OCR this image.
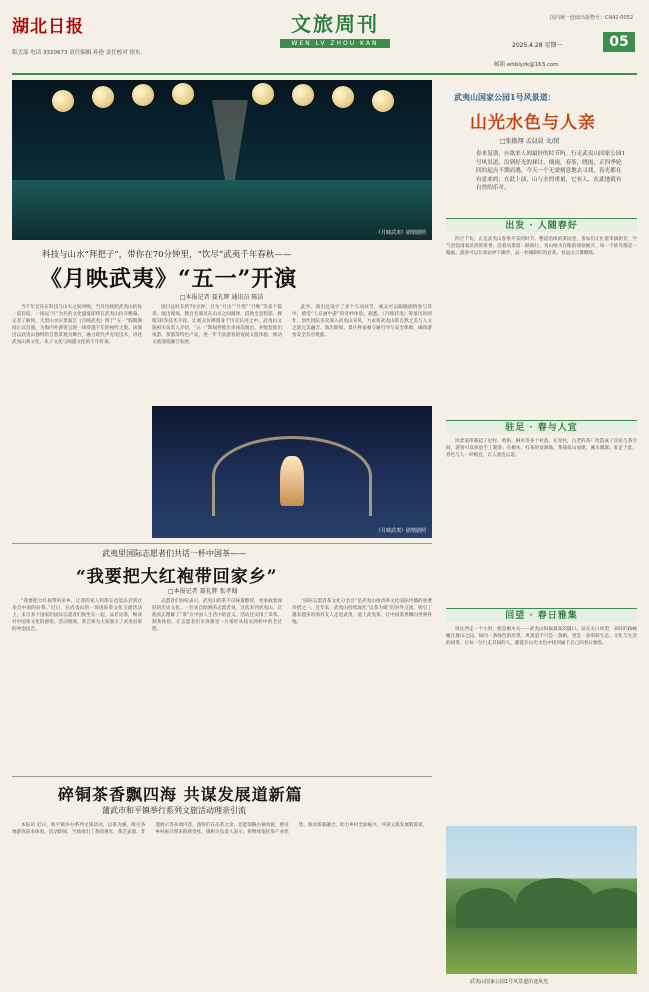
湖北日报	文旅周刊
WEN LV ZHOU KAN
国内统一连续出版物号：CN42-0052
2025.4.28 星期一	05
版式部 电话 3320673 责任编辑 孙艳 责任校对 徐东
邮箱 whblyzk@163.com
《月映武夷》剧情剧照
科技与山水“拜把子”，带你在70分钟里，“饮尽”武夷千年春秋——
《月映武夷》“五一”开演
□本报记者 聂礼辉 通讯员 陈洁

当千年音乐在科技与山水之间回响，当月色映照武夷山的每一道岩纹，一场以“月”为名的文化盛宴即将在武夷山拉开帷幕。记者了解到，大型山水实景演艺《月映武夷》将于“五一”假期期间正式首演，为海内外游客呈现一场穿越千年的视听之旅。该演出以武夷山独特的自然景观为舞台，融合现代声光电技术，讲述武夷山茶文化、朱子文化与闽越文化的千年传承。

剧目总时长约70分钟，分为“月出”“月照”“月映”等多个篇章。演出现场，数百名演员在山水之间演绎，借助全息投影、裸眼3D等技术手段，让观众仿佛置身于历史长河之中。武夷山文旅相关负责人介绍，“五一”期间将推出多场次演出，并配套推出夜游、茶旅等特色产品，进一步丰富游客的夜间文旅体验，推动文旅深度融合发展。

此外，演出还设计了多个互动环节，观众可以跟随剧情参与其中，感受“人在画中游”的奇妙体验。据悉，《月映武夷》筹备历时两年，创作团队多次深入武夷山采风，力求将武夷山的自然之美与人文之韵完美融合。演出期间，景区将加强交通引导与安全保障，确保游客安全有序观演。

《月映武夷》剧情剧照
武夷里国际志愿者们共话一杯中国茶——
“我要把大红袍带回家乡”
□本报记者 聂礼辉 张孝翰

“我要把大红袍带回家乡，让我的家人和朋友也能品尝到这来自中国的好茶。”近日，在武夷山的一场国际茶文化交流活动上，来自多个国家的国际志愿者们围坐在一起，品茗论茶，畅谈对中国茶文化的感悟。活动现场，茶艺师为大家演示了武夷岩茶的冲泡技艺。

志愿者们纷纷表示，武夷山的茶不仅味道醇厚，更承载着深厚的历史文化。一位来自欧洲的志愿者说，这次来到武夷山，让他真正理解了“茶”在中国人生活中的意义。活动还安排了采茶、制茶体验，让志愿者们亲身感受一片茶叶从枝头到杯中的全过程。

“国际志愿者茶文化分享会”是武夷山推动茶文化国际传播的重要举措之一。近年来，武夷山持续深化“以茶为媒”的对外交流，吸引了越来越多的海外友人走进武夷、爱上武夷茶，让中国茶香飘向世界各地。

碎铜茶香飘四海 共谋发展道新篇
蒲武市和平镇举行系列文旅活动理亲引流

本报讯 近日，和平镇举办系列文旅活动，以茶为媒，吸引各地游客前来体验。活动期间，当地推出了茶园观光、茶艺表演、非遗展示等多项内容，游客们在品茗之余，还能领略古镇风貌，感受乡村振兴带来的新变化。镇相关负责人表示，将继续依托茶产业优势，推动茶旅融合，助力乡村全面振兴，共谋文旅发展新篇章。

武夷山国家公园1号风景道：
山光水色与人亲
□张傲翔 孟晨晨 文/摄
春来复别，应欲来人间最好的时节吗。行走武夷山国家公园1号风景道，沿到好光的探讨，细雨，春茶，晓霞，正四季轮回的起点不期而遇，今天一个无需刻意地去寻找，春光都在有意来的，在此上演，山与水的重量，它有人，在此地就有自然的乐章。
出发 · 人随春好

四月下旬，正是武夷山春茶开采的时节。整道沿线的茶园里，茶农们正忙着采摘新芽，空气里弥漫着淡淡的茶香。沿着风景道一路骑行，青山绿水在眼前徐徐展开，每一个转弯都是一幅画。游客可以在驿站停下脚步，品一杯刚制好的岩茶，看远山云雾缭绕。

驻足 · 春与人宜

风景道串联起了星村、黄柏、桐木等多个村落。在星村，古老的茶厂改造成了民宿与茶空间，游客可以体验手工制茶；在桐木，红茶的发源地，茶园依山而建，溪水潺潺。驻足于此，春色与人一样相宜，让人流连忘返。

回望 · 春日雅集

再往西走一个小时，便是桐木关——武夷山海拔最高的隘口。站在关口回望，来时的路蜿蜒在群山之间，如同一条绿色的丝带。风景道不只是一条路，更是一条串联生态、文化与生活的纽带，让每一位行走其间的人，都能在山光水色中找到属于自己的春日雅集。

武夷山国家公园1号风景道沿途风光
